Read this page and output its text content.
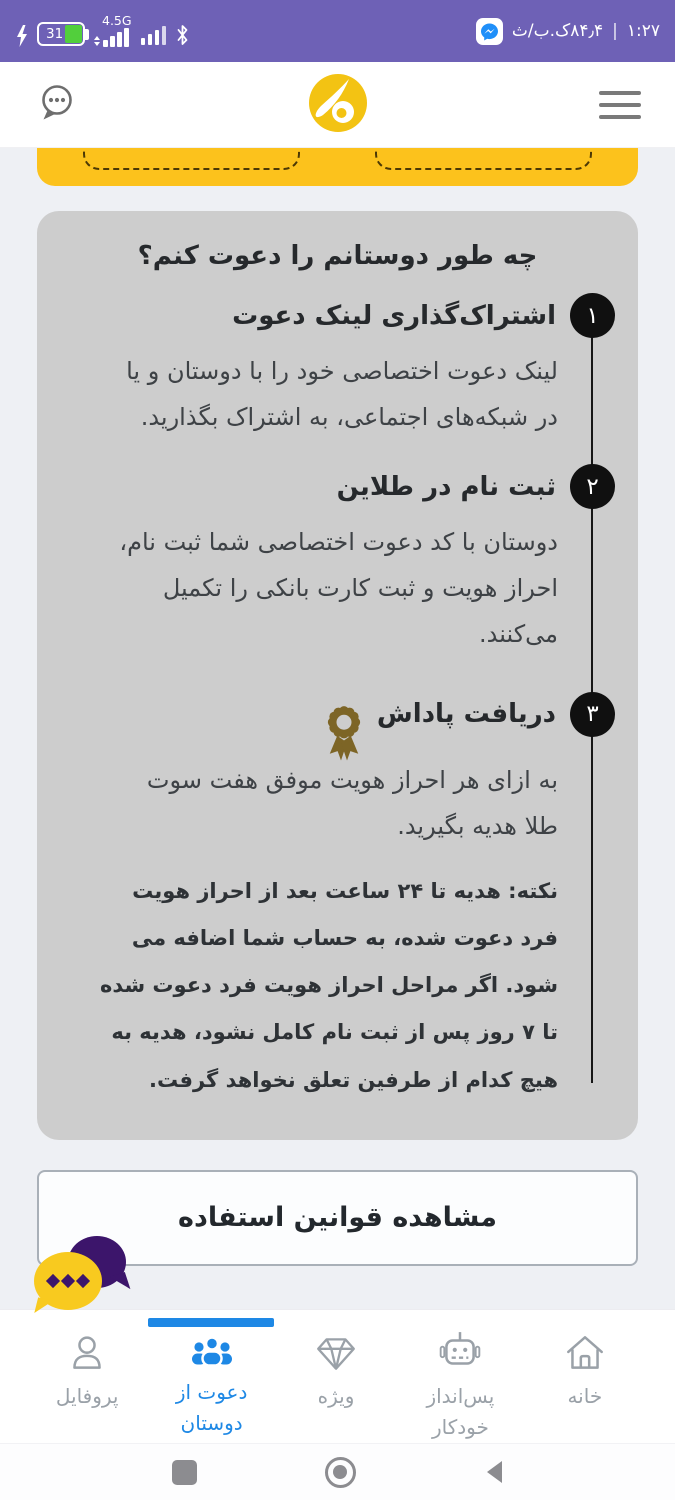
31
4.5G
۸۴٫۴ک.ب/ث | ۱:۲۷
چه طور دوستانم را دعوت کنم؟
۱
اشتراک‌گذاری لینک دعوت
لینک دعوت اختصاصی خود را با دوستان و یا در شبکه‌های اجتماعی، به اشتراک بگذارید.
۲
ثبت نام در طلاین
دوستان با کد دعوت اختصاصی شما ثبت نام، احراز هویت و ثبت کارت بانکی را تکمیل می‌کنند.
۳
دریافت پاداش
به ازای هر احراز هویت موفق هفت سوت طلا هدیه بگیرید.
نکته: هدیه تا ۲۴ ساعت بعد از احراز هویت فرد دعوت شده، به حساب شما اضافه می شود. اگر مراحل احراز هویت فرد دعوت شده تا ۷ روز پس از ثبت نام کامل نشود، هدیه به هیچ کدام از طرفین تعلق نخواهد گرفت.
مشاهده قوانین استفاده
پروفایل	دعوت از دوستان
ویژه	پس‌انداز خودکار
خانه
